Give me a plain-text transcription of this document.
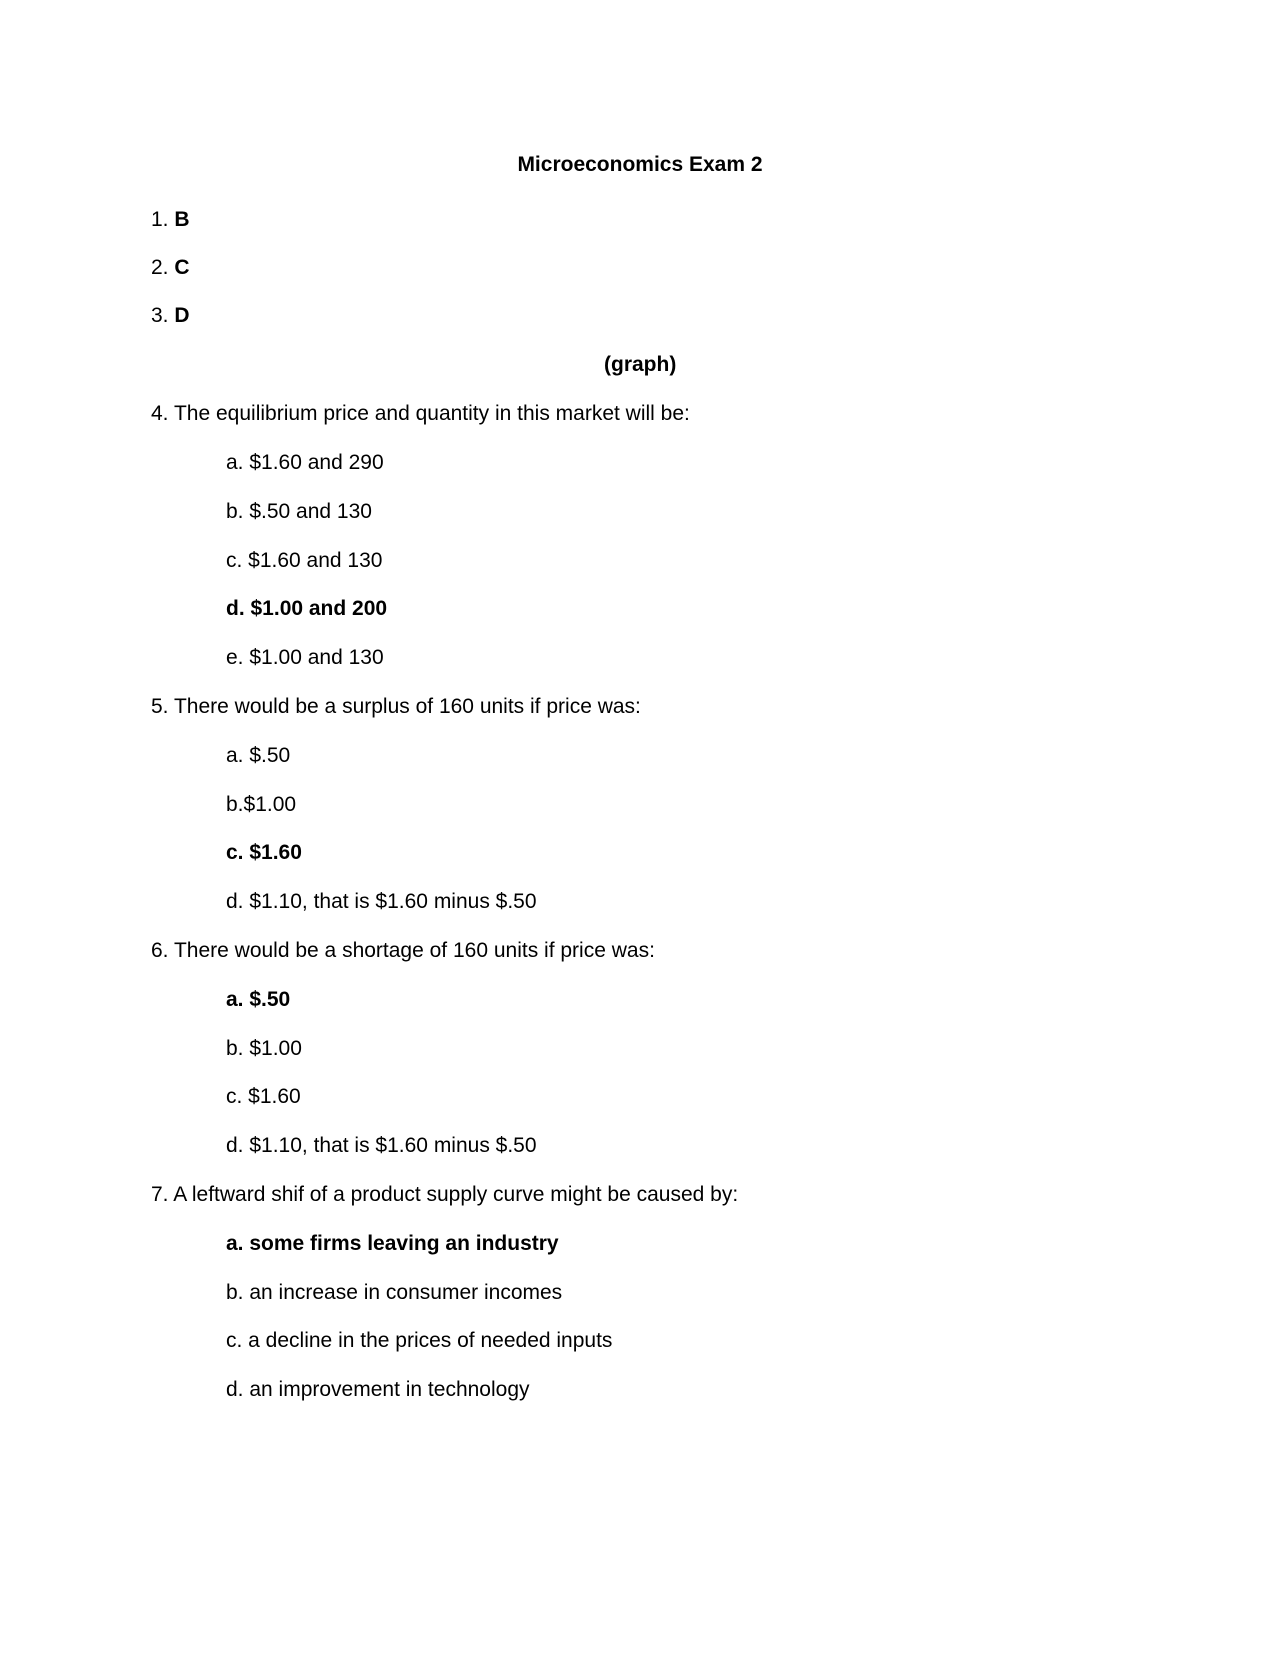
Microeconomics Exam 2
1. B
2. C
3. D
(graph)
4. The equilibrium price and quantity in this market will be:
a. $1.60 and 290
b. $.50 and 130
c. $1.60 and 130
d. $1.00 and 200
e. $1.00 and 130
5. There would be a surplus of 160 units if price was:
a. $.50
b.$1.00
c. $1.60
d. $1.10, that is $1.60 minus $.50
6. There would be a shortage of 160 units if price was:
a. $.50
b. $1.00
c. $1.60
d. $1.10, that is $1.60 minus $.50
7. A leftward shif of a product supply curve might be caused by:
a. some firms leaving an industry
b. an increase in consumer incomes
c. a decline in the prices of needed inputs
d. an improvement in technology
